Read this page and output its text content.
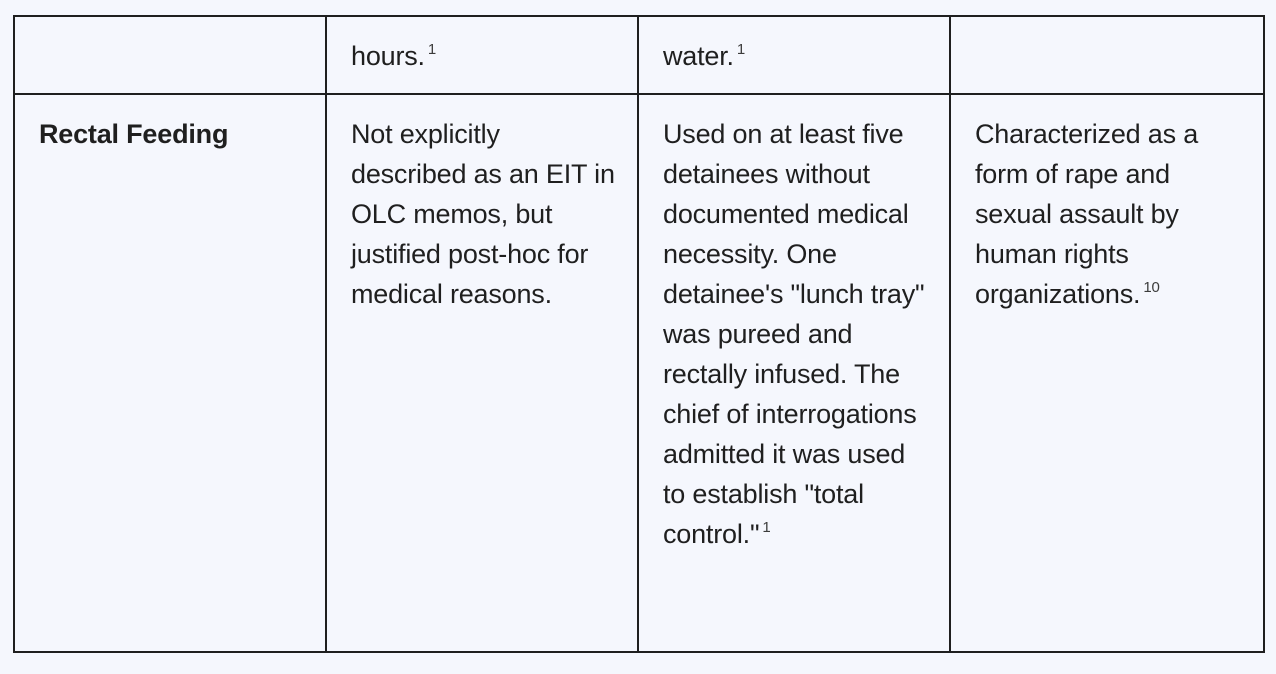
	hours. $^1$	water. $^1$	
Rectal Feeding	Not explicitly described as an EIT in OLC memos, but justified post-hoc for medical reasons.	Used on at least five detainees without documented medical necessity. One detainee's "lunch tray" was pureed and rectally infused. The chief of interrogations admitted it was used to establish "total control." $^1$	Characterized as a form of rape and sexual assault by human rights organizations. $^{10}$
